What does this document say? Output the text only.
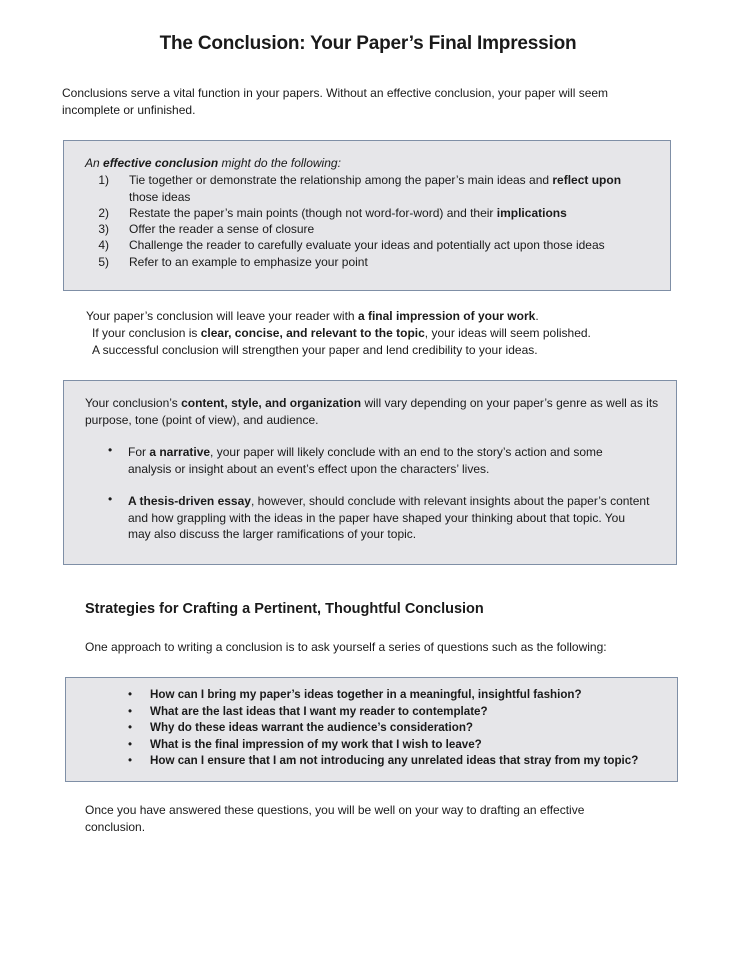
The Conclusion: Your Paper’s Final Impression
Conclusions serve a vital function in your papers. Without an effective conclusion, your paper will seem
incomplete or unfinished.
An effective conclusion might do the following:
1) Tie together or demonstrate the relationship among the paper’s main ideas and reflect upon
those ideas
2) Restate the paper’s main points (though not word-for-word) and their implications
3) Offer the reader a sense of closure
4) Challenge the reader to carefully evaluate your ideas and potentially act upon those ideas
5) Refer to an example to emphasize your point
Your paper’s conclusion will leave your reader with a final impression of your work.
If your conclusion is clear, concise, and relevant to the topic, your ideas will seem polished.
A successful conclusion will strengthen your paper and lend credibility to your ideas.
Your conclusion’s content, style, and organization will vary depending on your paper’s genre as well as its
purpose, tone (point of view), and audience.
• For a narrative, your paper will likely conclude with an end to the story’s action and some
analysis or insight about an event’s effect upon the characters’ lives.
• A thesis-driven essay, however, should conclude with relevant insights about the paper’s content
and how grappling with the ideas in the paper have shaped your thinking about that topic. You
may also discuss the larger ramifications of your topic.
Strategies for Crafting a Pertinent, Thoughtful Conclusion
One approach to writing a conclusion is to ask yourself a series of questions such as the following:
• How can I bring my paper’s ideas together in a meaningful, insightful fashion?
• What are the last ideas that I want my reader to contemplate?
• Why do these ideas warrant the audience’s consideration?
• What is the final impression of my work that I wish to leave?
• How can I ensure that I am not introducing any unrelated ideas that stray from my topic?
Once you have answered these questions, you will be well on your way to drafting an effective
conclusion.
